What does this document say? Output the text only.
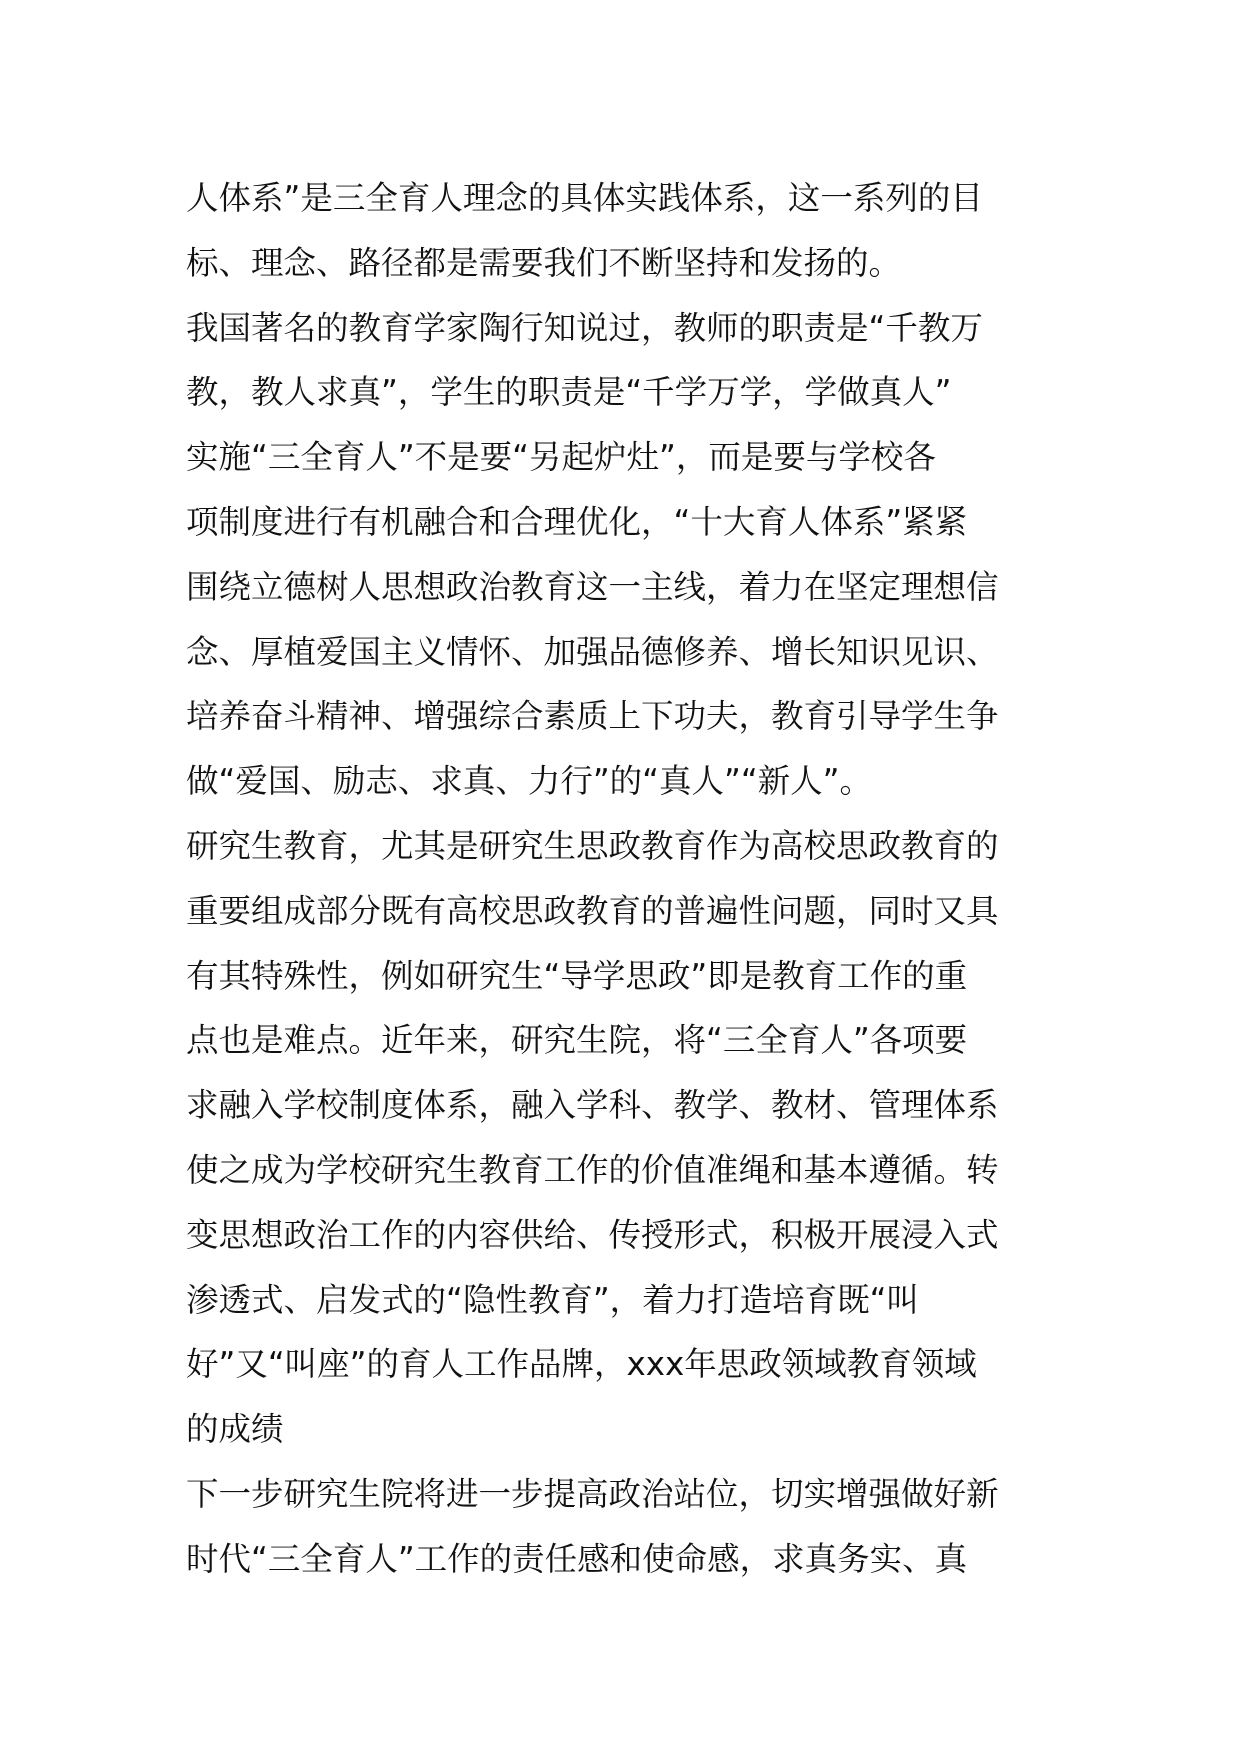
人体系”是三全育人理念的具体实践体系，这一系列的目
标、理念、路径都是需要我们不断坚持和发扬的。
我国著名的教育学家陶行知说过，教师的职责是“千教万
教，教人求真”，学生的职责是“千学万学，学做真人”
实施“三全育人”不是要“另起炉灶”，而是要与学校各
项制度进行有机融合和合理优化，“十大育人体系”紧紧
围绕立德树人思想政治教育这一主线，着力在坚定理想信
念、厚植爱国主义情怀、加强品德修养、增长知识见识、
培养奋斗精神、增强综合素质上下功夫，教育引导学生争
做“爱国、励志、求真、力行”的“真人”“新人”。
研究生教育，尤其是研究生思政教育作为高校思政教育的
重要组成部分既有高校思政教育的普遍性问题，同时又具
有其特殊性，例如研究生“导学思政”即是教育工作的重
点也是难点。近年来，研究生院，将“三全育人”各项要
求融入学校制度体系，融入学科、教学、教材、管理体系
使之成为学校研究生教育工作的价值准绳和基本遵循。转
变思想政治工作的内容供给、传授形式，积极开展浸入式
渗透式、启发式的“隐性教育”，着力打造培育既“叫
好”又“叫座”的育人工作品牌，xxx年思政领域教育领域
的成绩
下一步研究生院将进一步提高政治站位，切实增强做好新
时代“三全育人”工作的责任感和使命感，求真务实、真
